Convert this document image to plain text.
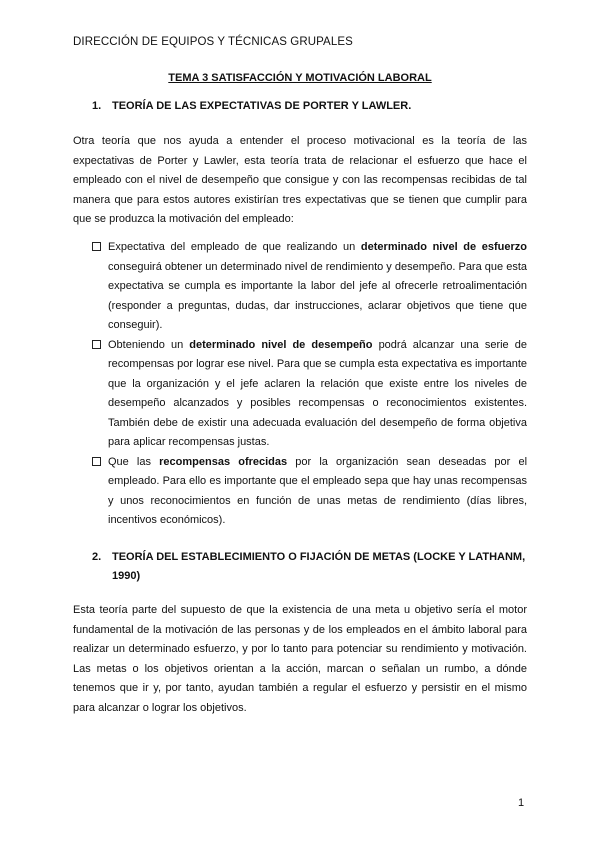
DIRECCIÓN DE EQUIPOS Y TÉCNICAS GRUPALES
TEMA 3 SATISFACCIÓN Y MOTIVACIÓN LABORAL
1. TEORÍA DE LAS EXPECTATIVAS DE PORTER Y LAWLER.

Otra teoría que nos ayuda a entender el proceso motivacional es la teoría de las expectativas de Porter y Lawler, esta teoría trata de relacionar el esfuerzo que hace el empleado con el nivel de desempeño que consigue y con las recompensas recibidas de tal manera que para estos autores existirían tres expectativas que se tienen que cumplir para que se produzca la motivación del empleado:

Expectativa del empleado de que realizando un determinado nivel de esfuerzo conseguirá obtener un determinado nivel de rendimiento y desempeño. Para que esta expectativa se cumpla es importante la labor del jefe al ofrecerle retroalimentación (responder a preguntas, dudas, dar instrucciones, aclarar objetivos que tiene que conseguir).
Obteniendo un determinado nivel de desempeño podrá alcanzar una serie de recompensas por lograr ese nivel. Para que se cumpla esta expectativa es importante que la organización y el jefe aclaren la relación que existe entre los niveles de desempeño alcanzados y posibles recompensas o reconocimientos existentes. También debe de existir una adecuada evaluación del desempeño de forma objetiva para aplicar recompensas justas.
Que las recompensas ofrecidas por la organización sean deseadas por el empleado. Para ello es importante que el empleado sepa que hay unas recompensas y unos reconocimientos en función de unas metas de rendimiento (días libres, incentivos económicos).
2. TEORÍA DEL ESTABLECIMIENTO O FIJACIÓN DE METAS (LOCKE Y LATHANM, 1990)

Esta teoría parte del supuesto de que la existencia de una meta u objetivo sería el motor fundamental de la motivación de las personas y de los empleados en el ámbito laboral para realizar un determinado esfuerzo, y por lo tanto para potenciar su rendimiento y motivación. Las metas o los objetivos orientan a la acción, marcan o señalan un rumbo, a dónde tenemos que ir y, por tanto, ayudan también a regular el esfuerzo y persistir en el mismo para alcanzar o lograr los objetivos.

1
